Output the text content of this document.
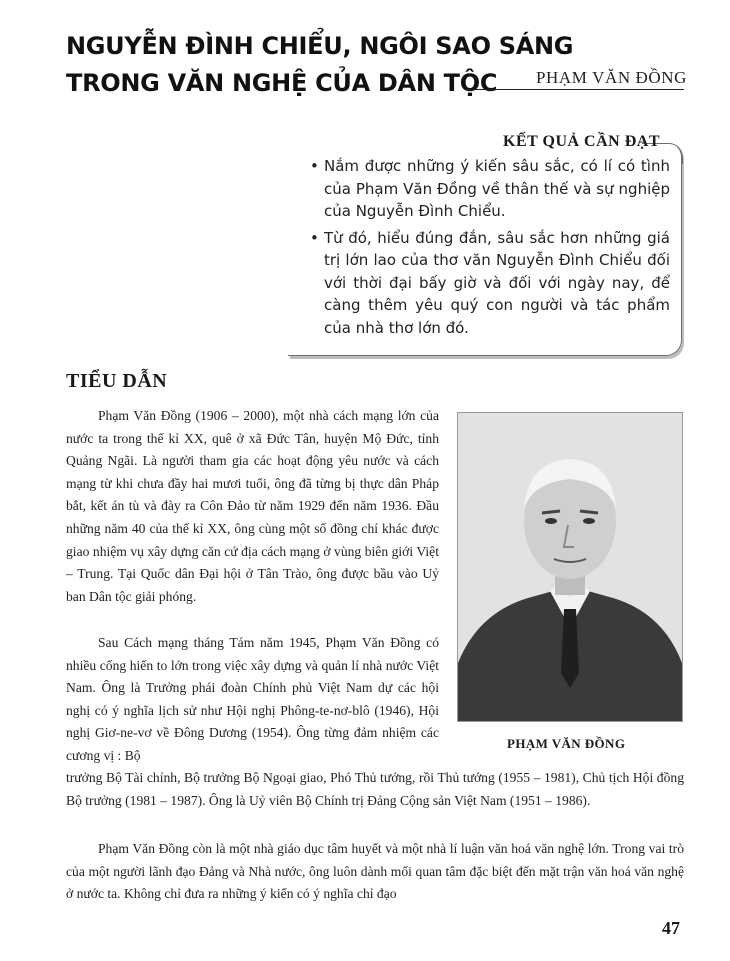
NGUYỄN ĐÌNH CHIỂU, NGÔI SAO SÁNG
TRONG VĂN NGHỆ CỦA DÂN TỘC PHẠM VĂN ĐỒNG
KẾT QUẢ CẦN ĐẠT
• Nắm được những ý kiến sâu sắc, có lí có tình của Phạm Văn Đồng về thân thế và sự nghiệp của Nguyễn Đình Chiểu.
• Từ đó, hiểu đúng đắn, sâu sắc hơn những giá trị lớn lao của thơ văn Nguyễn Đình Chiểu đối với thời đại bấy giờ và đối với ngày nay, để càng thêm yêu quý con người và tác phẩm của nhà thơ lớn đó.
TIỂU DẪN

Phạm Văn Đồng (1906 – 2000), một nhà cách mạng lớn của nước ta trong thế kỉ XX, quê ở xã Đức Tân, huyện Mộ Đức, tỉnh Quảng Ngãi. Là người tham gia các hoạt động yêu nước và cách mạng từ khi chưa đầy hai mươi tuổi, ông đã từng bị thực dân Pháp bắt, kết án tù và đày ra Côn Đảo từ năm 1929 đến năm 1936. Đầu những năm 40 của thế kỉ XX, ông cùng một số đồng chí khác được giao nhiệm vụ xây dựng căn cứ địa cách mạng ở vùng biên giới Việt – Trung. Tại Quốc dân Đại hội ở Tân Trào, ông được bầu vào Uỷ ban Dân tộc giải phóng.

PHẠM VĂN ĐỒNG

Sau Cách mạng tháng Tám năm 1945, Phạm Văn Đồng có nhiều cống hiến to lớn trong việc xây dựng và quản lí nhà nước Việt Nam. Ông là Trưởng phái đoàn Chính phủ Việt Nam dự các hội nghị có ý nghĩa lịch sử như Hội nghị Phông-te-nơ-blô (1946), Hội nghị Giơ-ne-vơ về Đông Dương (1954). Ông từng đảm nhiệm các cương vị : Bộ

trưởng Bộ Tài chính, Bộ trưởng Bộ Ngoại giao, Phó Thủ tướng, rồi Thủ tướng (1955 – 1981), Chủ tịch Hội đồng Bộ trưởng (1981 – 1987). Ông là Uỷ viên Bộ Chính trị Đảng Cộng sản Việt Nam (1951 – 1986).

Phạm Văn Đồng còn là một nhà giáo dục tâm huyết và một nhà lí luận văn hoá văn nghệ lớn. Trong vai trò của một người lãnh đạo Đảng và Nhà nước, ông luôn dành mối quan tâm đặc biệt đến mặt trận văn hoá văn nghệ ở nước ta. Không chỉ đưa ra những ý kiến có ý nghĩa chỉ đạo

47
